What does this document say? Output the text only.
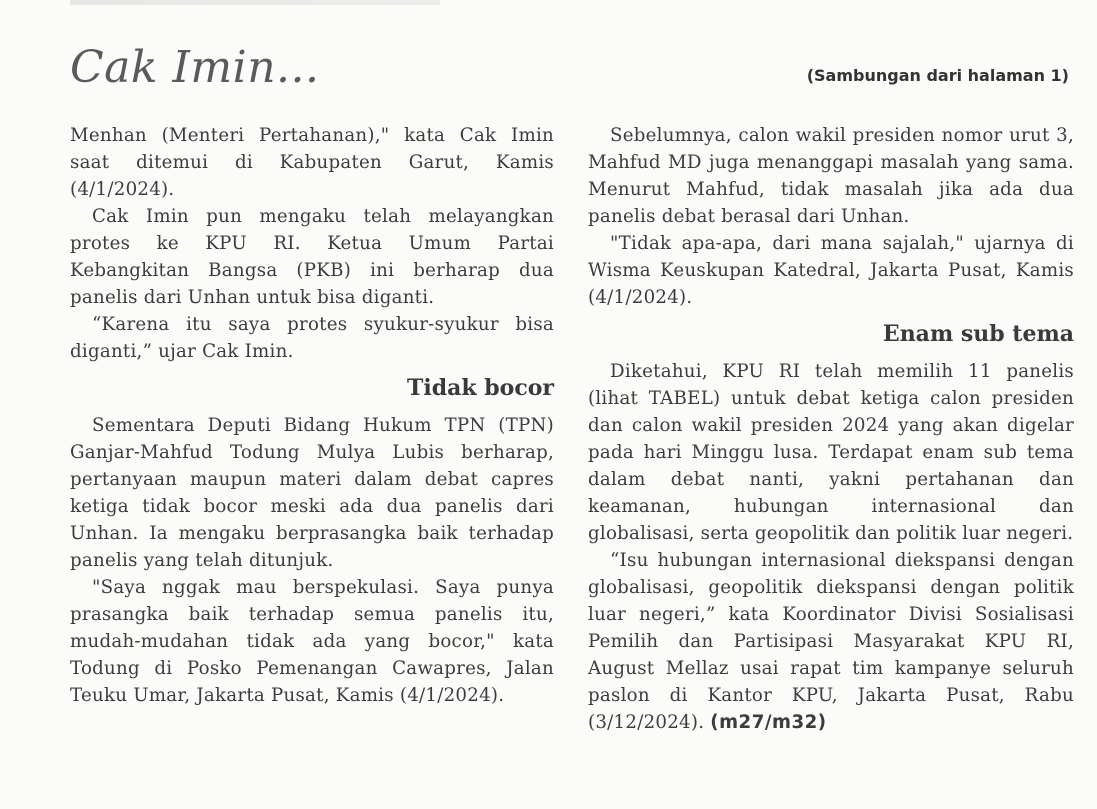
Cak Imin...	(Sambungan dari halaman 1)

Menhan (Menteri Pertahanan)," kata Cak Imin saat ditemui di Kabupaten Garut, Kamis (4/1/2024).

Cak Imin pun mengaku telah melayangkan protes ke KPU RI. Ketua Umum Partai Kebangkitan Bangsa (PKB) ini berharap dua panelis dari Unhan untuk bisa diganti.

“Karena itu saya protes syukur-syukur bisa diganti,” ujar Cak Imin.

Tidak bocor

Sementara Deputi Bidang Hukum TPN (TPN) Ganjar-Mahfud Todung Mulya Lubis berharap, pertanyaan maupun materi dalam debat capres ketiga tidak bocor meski ada dua panelis dari Unhan. Ia mengaku berprasangka baik terhadap panelis yang telah ditunjuk.

"Saya nggak mau berspekulasi. Saya punya prasangka baik terhadap semua panelis itu, mudah-mudahan tidak ada yang bocor," kata Todung di Posko Pemenangan Cawapres, Jalan Teuku Umar, Jakarta Pusat, Kamis (4/1/2024).

Sebelumnya, calon wakil presiden nomor urut 3, Mahfud MD juga menanggapi masalah yang sama. Menurut Mahfud, tidak masalah jika ada dua panelis debat berasal dari Unhan.

"Tidak apa-apa, dari mana sajalah," ujarnya di Wisma Keuskupan Katedral, Jakarta Pusat, Kamis (4/1/2024).

Enam sub tema

Diketahui, KPU RI telah memilih 11 panelis (lihat TABEL) untuk debat ketiga calon presiden dan calon wakil presiden 2024 yang akan digelar pada hari Minggu lusa. Terdapat enam sub tema dalam debat nanti, yakni pertahanan dan keamanan, hubungan internasional dan globalisasi, serta geopolitik dan politik luar negeri.

“Isu hubungan internasional diekspansi dengan globalisasi, geopolitik diekspansi dengan politik luar negeri,” kata Koordinator Divisi Sosialisasi Pemilih dan Partisipasi Masyarakat KPU RI, August Mellaz usai rapat tim kampanye seluruh paslon di Kantor KPU, Jakarta Pusat, Rabu (3/12/2024). (m27/m32)
